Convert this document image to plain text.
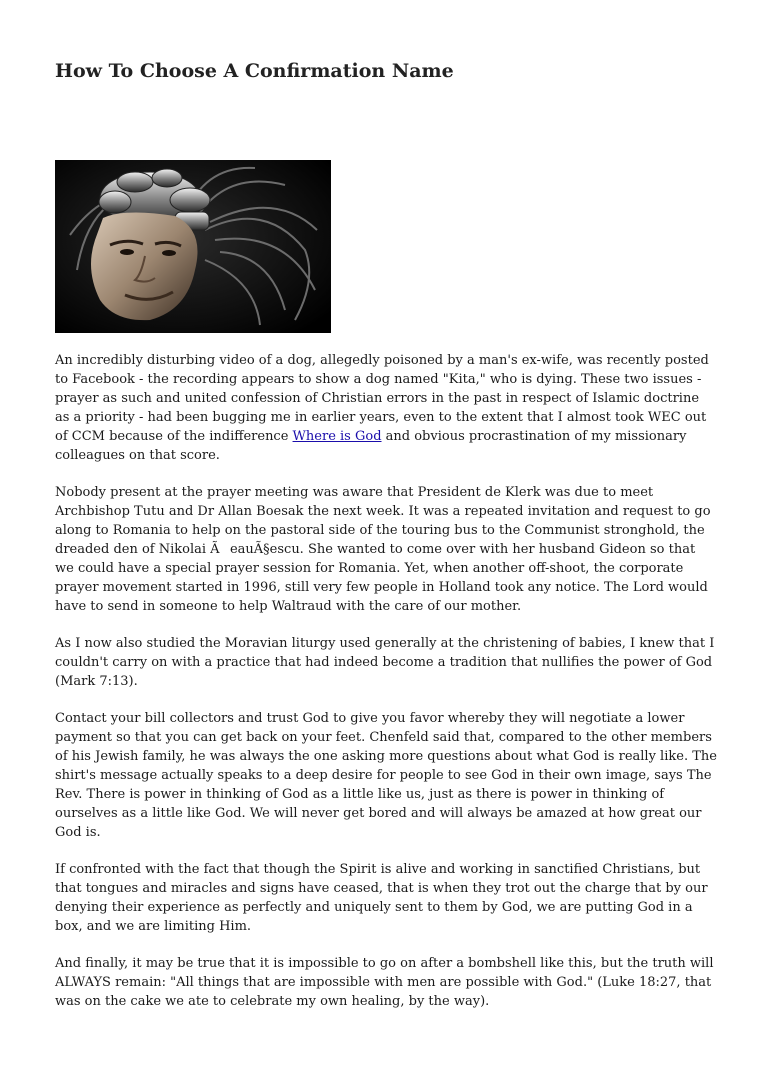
How To Choose A Confirmation Name

An incredibly disturbing video of a dog, allegedly poisoned by a man's ex-wife, was recently posted to Facebook - the recording appears to show a dog named "Kita," who is dying. These two issues - prayer as such and united confession of Christian errors in the past in respect of Islamic doctrine as a priority - had been bugging me in earlier years, even to the extent that I almost took WEC out of CCM because of the indifference Where is God and obvious procrastination of my missionary colleagues on that score.

Nobody present at the prayer meeting was aware that President de Klerk was due to meet Archbishop Tutu and Dr Allan Boesak the next week. It was a repeated invitation and request to go along to Romania to help on the pastoral side of the touring bus to the Communist stronghold, the dreaded den of Nikolai ÃeauÃ§escu. She wanted to come over with her husband Gideon so that we could have a special prayer session for Romania. Yet, when another off-shoot, the corporate prayer movement started in 1996, still very few people in Holland took any notice. The Lord would have to send in someone to help Waltraud with the care of our mother.

As I now also studied the Moravian liturgy used generally at the christening of babies, I knew that I couldn't carry on with a practice that had indeed become a tradition that nullifies the power of God (Mark 7:13).

Contact your bill collectors and trust God to give you favor whereby they will negotiate a lower payment so that you can get back on your feet. Chenfeld said that, compared to the other members of his Jewish family, he was always the one asking more questions about what God is really like. The shirt's message actually speaks to a deep desire for people to see God in their own image, says The Rev. There is power in thinking of God as a little like us, just as there is power in thinking of ourselves as a little like God. We will never get bored and will always be amazed at how great our God is.

If confronted with the fact that though the Spirit is alive and working in sanctified Christians, but that tongues and miracles and signs have ceased, that is when they trot out the charge that by our denying their experience as perfectly and uniquely sent to them by God, we are putting God in a box, and we are limiting Him.

And finally, it may be true that it is impossible to go on after a bombshell like this, but the truth will ALWAYS remain: "All things that are impossible with men are possible with God." (Luke 18:27, that was on the cake we ate to celebrate my own healing, by the way).
